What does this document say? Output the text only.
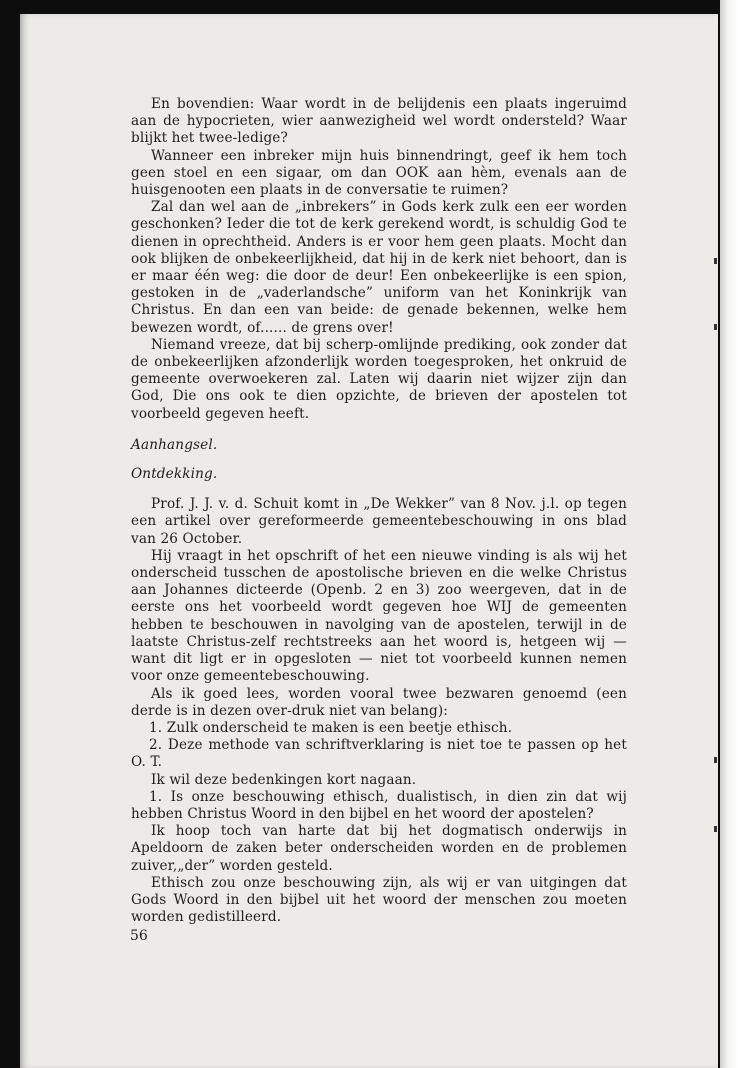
En bovendien: Waar wordt in de belijdenis een plaats ingeruimd aan de hypocrieten, wier aanwezigheid wel wordt ondersteld? Waar blijkt het twee-ledige?

Wanneer een inbreker mijn huis binnendringt, geef ik hem toch geen stoel en een sigaar, om dan OOK aan hèm, evenals aan de huisgenooten een plaats in de conversatie te ruimen?

Zal dan wel aan de „inbrekers” in Gods kerk zulk een eer worden geschonken? Ieder die tot de kerk gerekend wordt, is schuldig God te dienen in oprechtheid. Anders is er voor hem geen plaats. Mocht dan ook blijken de onbekeerlijkheid, dat hij in de kerk niet behoort, dan is er maar één weg: die door de deur! Een onbekeerlijke is een spion, gestoken in de „vaderlandsche” uniform van het Koninkrijk van Christus. En dan een van beide: de genade bekennen, welke hem bewezen wordt, of...... de grens over!

Niemand vreeze, dat bij scherp-omlijnde prediking, ook zonder dat de onbekeerlijken afzonderlijk worden toegesproken, het onkruid de gemeente overwoekeren zal. Laten wij daarin niet wijzer zijn dan God, Die ons ook te dien opzichte, de brieven der apostelen tot voorbeeld gegeven heeft.

Aanhangsel.

Ontdekking.

Prof. J. J. v. d. Schuit komt in „De Wekker” van 8 Nov. j.l. op tegen een artikel over gereformeerde gemeentebeschouwing in ons blad van 26 October.

Hij vraagt in het opschrift of het een nieuwe vinding is als wij het onderscheid tusschen de apostolische brieven en die welke Christus aan Johannes dicteerde (Openb. 2 en 3) zoo weergeven, dat in de eerste ons het voorbeeld wordt gegeven hoe WIJ de gemeenten hebben te beschouwen in navolging van de apostelen, terwijl in de laatste Christus-zelf rechtstreeks aan het woord is, hetgeen wij — want dit ligt er in opgesloten — niet tot voorbeeld kunnen nemen voor onze gemeentebeschouwing.

Als ik goed lees, worden vooral twee bezwaren genoemd (een derde is in dezen over-druk niet van belang):

1. Zulk onderscheid te maken is een beetje ethisch.

2. Deze methode van schriftverklaring is niet toe te passen op het O. T.

Ik wil deze bedenkingen kort nagaan.

1. Is onze beschouwing ethisch, dualistisch, in dien zin dat wij hebben Christus Woord in den bijbel en het woord der apostelen?

Ik hoop toch van harte dat bij het dogmatisch onderwijs in Apeldoorn de zaken beter onderscheiden worden en de problemen zuiver,„der” worden gesteld.

Ethisch zou onze beschouwing zijn, als wij er van uitgingen dat Gods Woord in den bijbel uit het woord der menschen zou moeten worden gedistilleerd.

56
